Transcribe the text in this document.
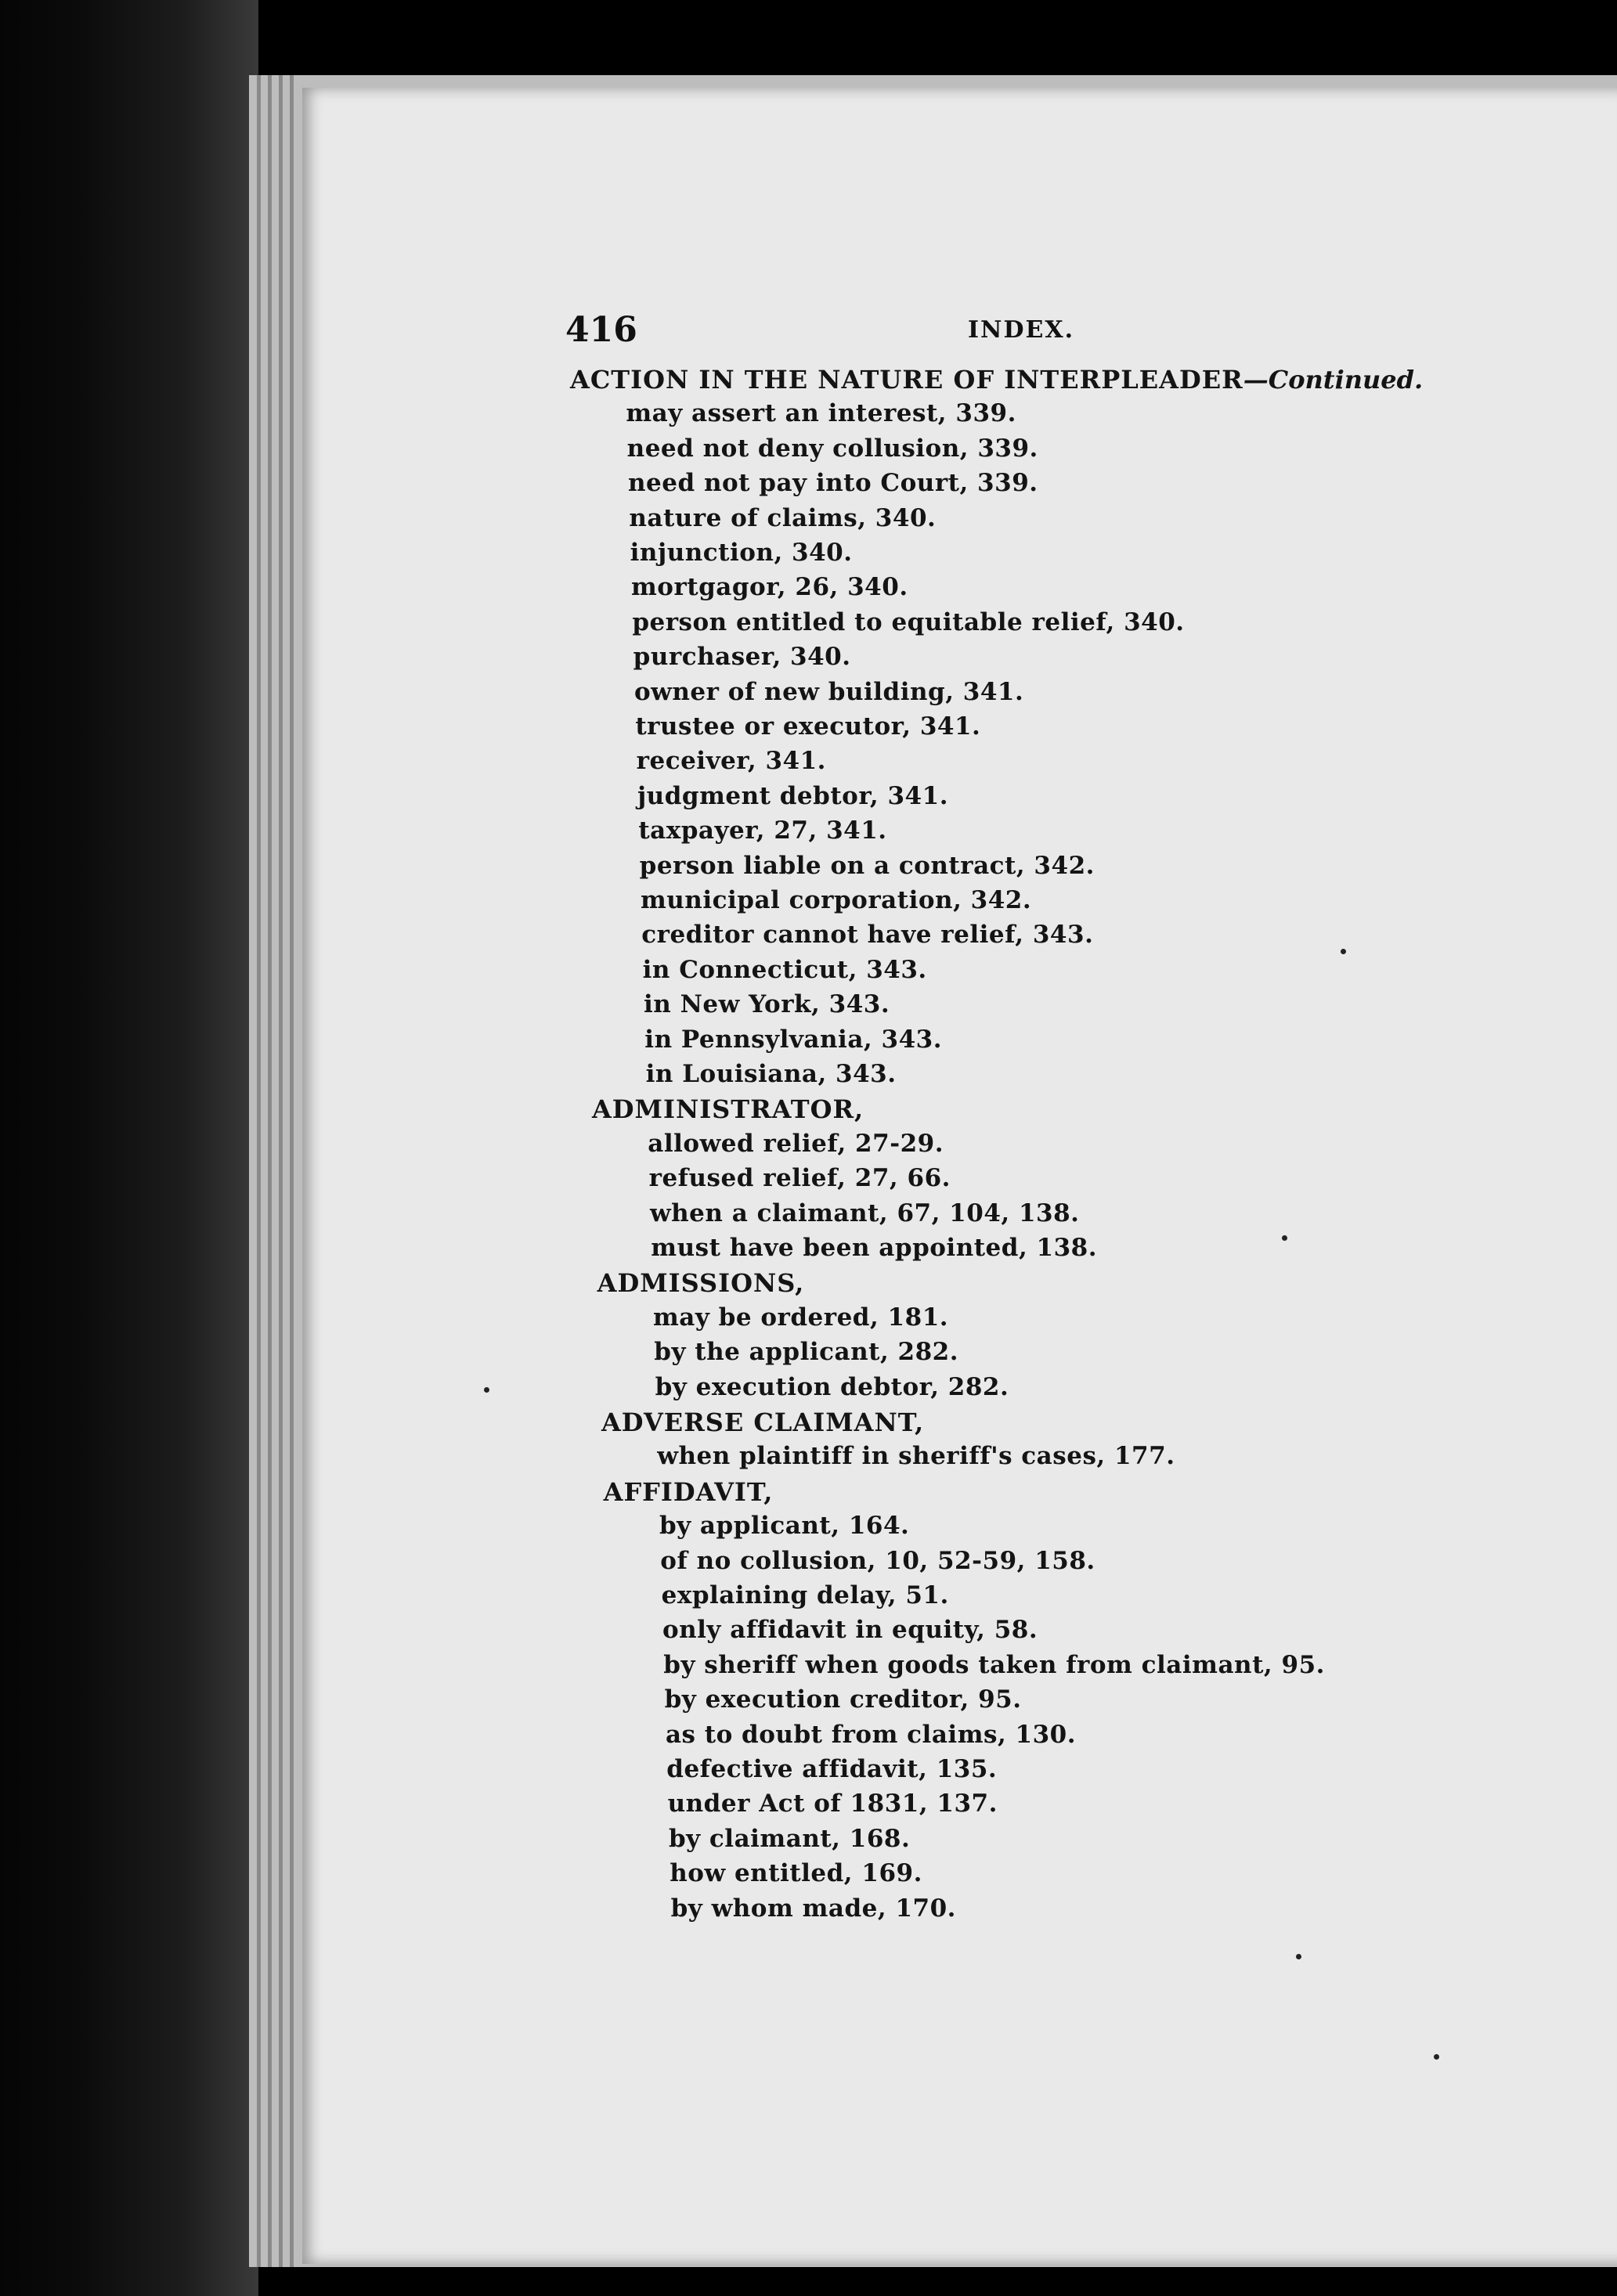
416	INDEX.
ACTION IN THE NATURE OF INTERPLEADER—Continued.
may assert an interest, 339.
need not deny collusion, 339.
need not pay into Court, 339.
nature of claims, 340.
injunction, 340.
mortgagor, 26, 340.
person entitled to equitable relief, 340.
purchaser, 340.
owner of new building, 341.
trustee or executor, 341.
receiver, 341.
judgment debtor, 341.
taxpayer, 27, 341.
person liable on a contract, 342.
municipal corporation, 342.
creditor cannot have relief, 343.
in Connecticut, 343.
in New York, 343.
in Pennsylvania, 343.
in Louisiana, 343.
ADMINISTRATOR,
allowed relief, 27-29.
refused relief, 27, 66.
when a claimant, 67, 104, 138.
must have been appointed, 138.
ADMISSIONS,
may be ordered, 181.
by the applicant, 282.
by execution debtor, 282.
ADVERSE CLAIMANT,
when plaintiff in sheriff's cases, 177.
AFFIDAVIT,
by applicant, 164.
of no collusion, 10, 52-59, 158.
explaining delay, 51.
only affidavit in equity, 58.
by sheriff when goods taken from claimant, 95.
by execution creditor, 95.
as to doubt from claims, 130.
defective affidavit, 135.
under Act of 1831, 137.
by claimant, 168.
how entitled, 169.
by whom made, 170.
